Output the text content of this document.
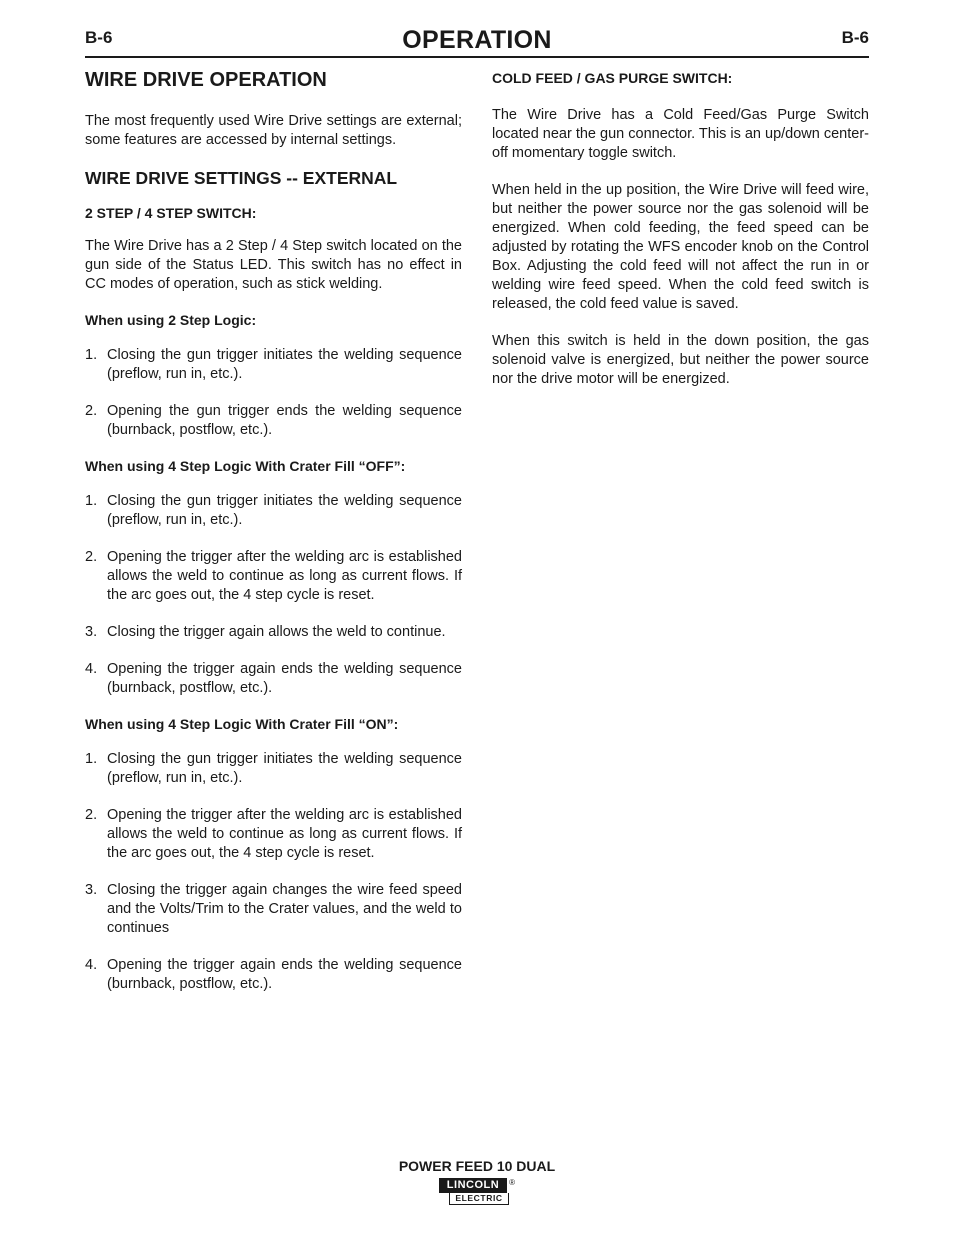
B-6	OPERATION	B-6
WIRE DRIVE OPERATION

The most frequently used Wire Drive settings are external; some features are accessed by internal settings.

WIRE DRIVE SETTINGS -- EXTERNAL
2 STEP / 4 STEP SWITCH:

The Wire Drive has a 2 Step / 4 Step switch located on the gun side of the Status LED. This switch has no effect in CC modes of operation, such as stick welding.

When using 2 Step Logic:
1. Closing the gun trigger initiates the welding sequence (preflow, run in, etc.).
2. Opening the gun trigger ends the welding sequence (burnback, postflow, etc.).
When using 4 Step Logic With Crater Fill “OFF”:
1. Closing the gun trigger initiates the welding sequence (preflow, run in, etc.).
2. Opening the trigger after the welding arc is established allows the weld to continue as long as current flows. If the arc goes out, the 4 step cycle is reset.
3. Closing the trigger again allows the weld to continue.
4. Opening the trigger again ends the welding sequence (burnback, postflow, etc.).
When using 4 Step Logic With Crater Fill “ON”:
1. Closing the gun trigger initiates the welding sequence (preflow, run in, etc.).
2. Opening the trigger after the welding arc is established allows the weld to continue as long as current flows. If the arc goes out, the 4 step cycle is reset.
3. Closing the trigger again changes the wire feed speed and the Volts/Trim to the Crater values, and the weld to continues
4. Opening the trigger again ends the welding sequence (burnback, postflow, etc.).
COLD FEED / GAS PURGE SWITCH:

The Wire Drive has a Cold Feed/Gas Purge Switch located near the gun connector. This is an up/down center-off momentary toggle switch.

When held in the up position, the Wire Drive will feed wire, but neither the power source nor the gas solenoid will be energized. When cold feeding, the feed speed can be adjusted by rotating the WFS encoder knob on the Control Box. Adjusting the cold feed will not affect the run in or welding wire feed speed. When the cold feed switch is released, the cold feed value is saved.

When this switch is held in the down position, the gas solenoid valve is energized, but neither the power source nor the drive motor will be energized.

POWER FEED 10 DUAL
LINCOLN
ELECTRIC
®
